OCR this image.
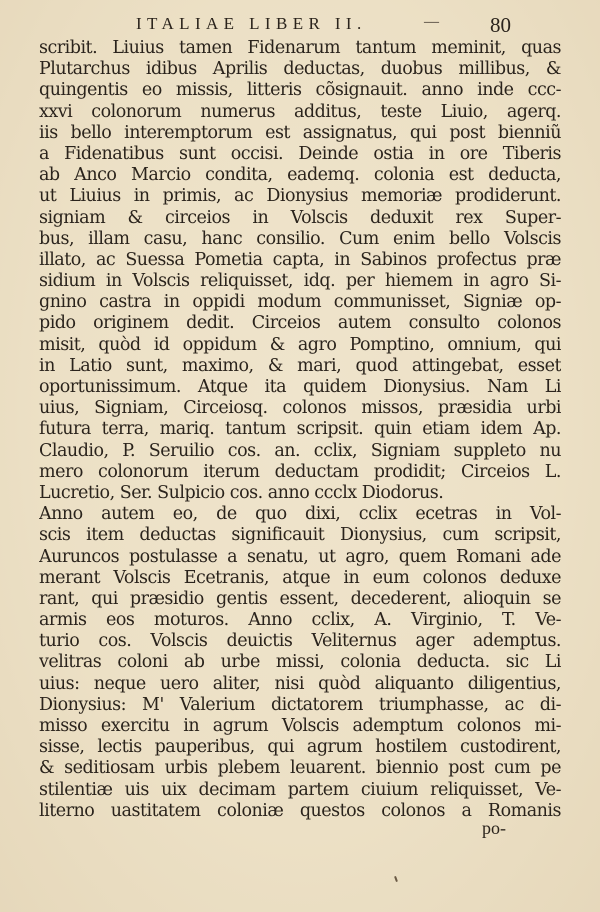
ITALIAE LIBER II.	— 80
scribit. Liuius tamen Fidenarum tantum meminit, quas
Plutarchus idibus Aprilis deductas, duobus millibus, &
quingentis eo missis, litteris cõsignauit. anno inde ccc-
xxvi colonorum numerus additus, teste Liuio, agerq.
iis bello interemptorum est assignatus, qui post bienniũ
a Fidenatibus sunt occisi. Deinde ostia in ore Tiberis
ab Anco Marcio condita, eademq. colonia est deducta,
ut Liuius in primis, ac Dionysius memoriæ prodiderunt.
signiam & circeios in Volscis deduxit rex Super-
bus, illam casu, hanc consilio. Cum enim bello Volscis
illato, ac Suessa Pometia capta, in Sabinos profectus præ
sidium in Volscis reliquisset, idq. per hiemem in agro Si-
gnino castra in oppidi modum communisset, Signiæ op-
pido originem dedit. Circeios autem consulto colonos
misit, quòd id oppidum & agro Pomptino, omnium, qui
in Latio sunt, maximo, & mari, quod attingebat, esset
oportunissimum. Atque ita quidem Dionysius. Nam Li
uius, Signiam, Circeiosq. colonos missos, præsidia urbi
futura terra, mariq. tantum scripsit. quin etiam idem Ap.
Claudio, P. Seruilio cos. an. cclix, Signiam suppleto nu
mero colonorum iterum deductam prodidit; Circeios L.
Lucretio, Ser. Sulpicio cos. anno ccclx Diodorus.
Anno autem eo, de quo dixi, cclix ecetras in Vol-
scis item deductas significauit Dionysius, cum scripsit,
Auruncos postulasse a senatu, ut agro, quem Romani ade
merant Volscis Ecetranis, atque in eum colonos deduxe
rant, qui præsidio gentis essent, decederent, alioquin se
armis eos moturos. Anno cclix, A. Virginio, T. Ve-
turio cos. Volscis deuictis Veliternus ager ademptus.
velitras coloni ab urbe missi, colonia deducta. sic Li
uius: neque uero aliter, nisi quòd aliquanto diligentius,
Dionysius: M' Valerium dictatorem triumphasse, ac di-
misso exercitu in agrum Volscis ademptum colonos mi-
sisse, lectis pauperibus, qui agrum hostilem custodirent,
& seditiosam urbis plebem leuarent. biennio post cum pe
stilentiæ uis uix decimam partem ciuium reliquisset, Ve-
literno uastitatem coloniæ questos colonos a Romanis
po-
